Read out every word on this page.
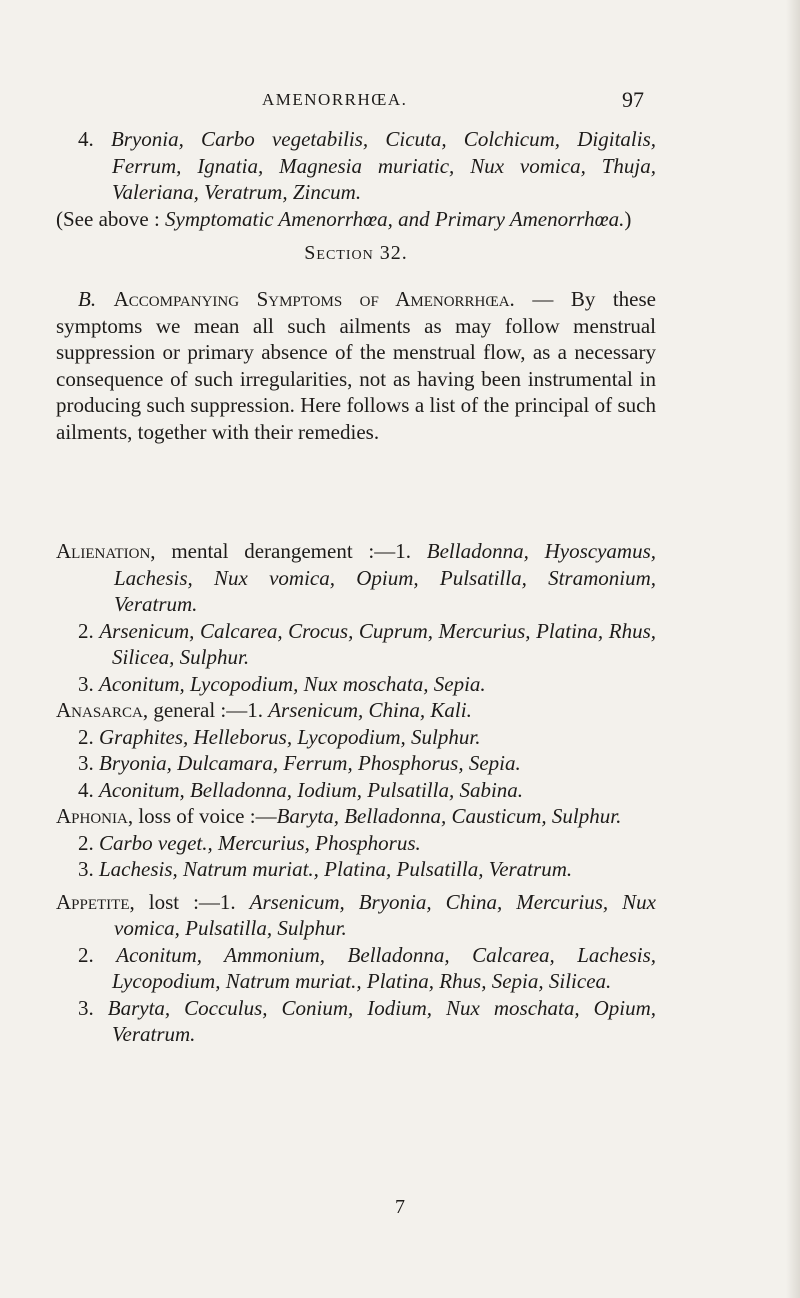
AMENORRHŒA.	97

4. Bryonia, Carbo vegetabilis, Cicuta, Colchicum, Digitalis, Ferrum, Ignatia, Magnesia muriatic, Nux vomica, Thuja, Valeriana, Veratrum, Zincum.

(See above : Symptomatic Amenorrhœa, and Primary Amenorrhœa.)

Section 32.

B. Accompanying Symptoms of Amenorrhœa. — By these symptoms we mean all such ailments as may follow menstrual suppression or primary absence of the menstrual flow, as a necessary consequence of such irregularities, not as having been instrumental in producing such suppression. Here follows a list of the principal of such ailments, together with their remedies.

Alienation, mental derangement :—1. Belladonna, Hyoscyamus, Lachesis, Nux vomica, Opium, Pulsatilla, Stramonium, Veratrum.

2. Arsenicum, Calcarea, Crocus, Cuprum, Mercurius, Platina, Rhus, Silicea, Sulphur.

3. Aconitum, Lycopodium, Nux moschata, Sepia.

Anasarca, general :—1. Arsenicum, China, Kali.

2. Graphites, Helleborus, Lycopodium, Sulphur.

3. Bryonia, Dulcamara, Ferrum, Phosphorus, Sepia.

4. Aconitum, Belladonna, Iodium, Pulsatilla, Sabina.

Aphonia, loss of voice :—Baryta, Belladonna, Causticum, Sulphur.

2. Carbo veget., Mercurius, Phosphorus.

3. Lachesis, Natrum muriat., Platina, Pulsatilla, Veratrum.

Appetite, lost :—1. Arsenicum, Bryonia, China, Mercurius, Nux vomica, Pulsatilla, Sulphur.

2. Aconitum, Ammonium, Belladonna, Calcarea, Lachesis, Lycopodium, Natrum muriat., Platina, Rhus, Sepia, Silicea.

3. Baryta, Cocculus, Conium, Iodium, Nux moschata, Opium, Veratrum.

7
